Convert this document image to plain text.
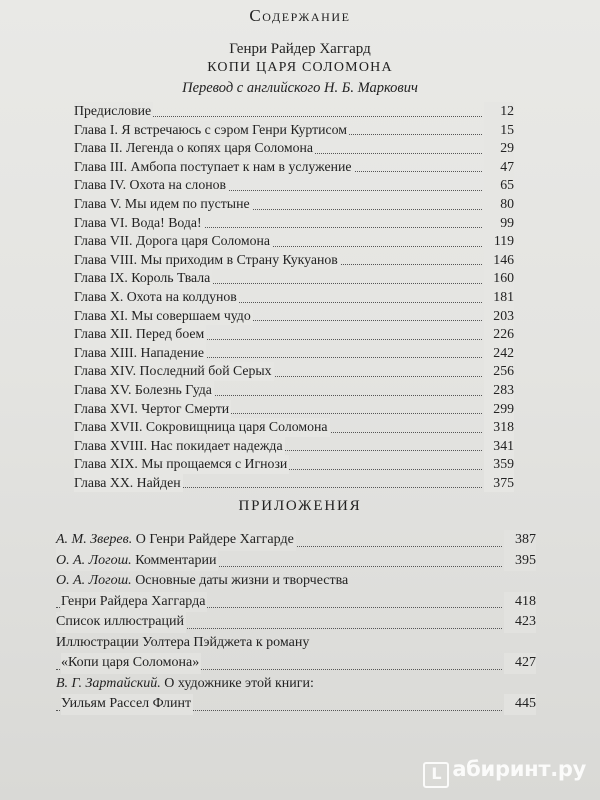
Содержание
Генри Райдер Хаггард
КОПИ ЦАРЯ СОЛОМОНА
Перевод с английского Н. Б. Маркович
Предисловие	12
Глава I. Я встречаюсь с сэром Генри Куртисом	15
Глава II. Легенда о копях царя Соломона	29
Глава III. Амбопа поступает к нам в услужение	47
Глава IV. Охота на слонов	65
Глава V. Мы идем по пустыне	80
Глава VI. Вода! Вода!	99
Глава VII. Дорога царя Соломона	119
Глава VIII. Мы приходим в Страну Кукуанов	146
Глава IX. Король Твала	160
Глава X. Охота на колдунов	181
Глава XI. Мы совершаем чудо	203
Глава XII. Перед боем	226
Глава XIII. Нападение	242
Глава XIV. Последний бой Серых	256
Глава XV. Болезнь Гуда	283
Глава XVI. Чертог Смерти	299
Глава XVII. Сокровищница царя Соломона	318
Глава XVIII. Нас покидает надежда	341
Глава XIX. Мы прощаемся с Игнози	359
Глава XX. Найден	375
ПРИЛОЖЕНИЯ
А. М. Зверев. О Генри Райдере Хаггарде	387
О. А. Логош. Комментарии	395
О. А. Логош. Основные даты жизни и творчества
Генри Райдера Хаггарда	418
Список иллюстраций	423
Иллюстрации Уолтера Пэйджета к роману
«Копи царя Соломона»	427
В. Г. Зартайский. О художнике этой книги:
Уильям Рассел Флинт	445
L абиринт.ру
